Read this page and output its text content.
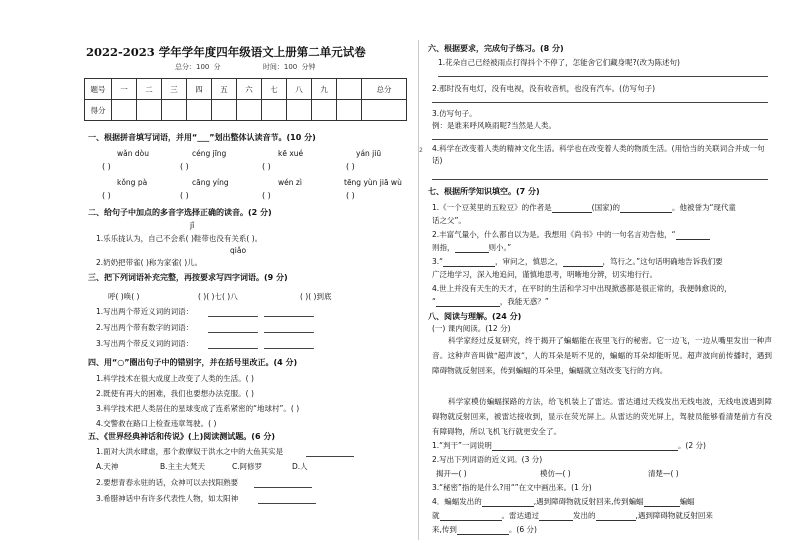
2
2022-2023 学年学年度四年级语文上册第二单元试卷
总分：100 分	时间：100 分钟
题号	一	二	三	四	五	六	七	八	九		总分
得分											
一、根据拼音填写词语，并用“___”划出整体认读音节。(10 分)
wǎn dòu	céng jīng	kē xué	yán jiū
( )	( )	( )	( )
kǒng pà	cāng yíng	wén zì	tēng yùn jiā wù
( )	( )	( )	( )
二、给句子中加点的多音字选择正确的读音。(2 分)
jǐ
1.乐乐拢认为，自己不会系( )鞋带也没有关系( )。
qiǎo
2.奶奶把带雀( )称为家雀( )儿。
三、把下列词语补充完整，再按要求写四字词语。(9 分)
呼( )唤( )	( )( )七( )八	( )( )到底
1.写出两个带近义词的词语：
2.写出两个带有数字的词语：
3.写出两个带反义词的词语：
四、用“○”圈出句子中的错别字，并在括号里改正。(4 分)
1.科学技术在很大成度上改变了人类的生活。( )
2.既使有再大的困难，我们也要想办法克服。( )
3.科学技术把人类居住的星球变成了连系紧密的“地球村”。( )
4.交警救在路口上检查违章驾驶。( )
五、《世界经典神话和传说》(上)阅读测试题。(6 分)
1.面对大洪水肆虐，那个救摩奴于洪水之中的大鱼其实是
A.天神	B.主主大梵天	C.阿修罗	D.人
2.要想青春永驻的话，众神可以去找阳熟要
3.希腊神话中有许多代表性人物，如太阳神
六、根据要求，完成句子练习。(8 分)
1.花朵自己已经被雨点打得抖个不停了，怎能舍它们藏身呢?(改为陈述句)
2.那时没有电灯，没有电视，没有收音机，也没有汽车。(仿写句子)
3.仿写句子。
例：是谁来呼风唤雨呢?当然是人类。
4.科学在改变着人类的精神文化生活。科学也在改变着人类的物质生活。(用恰当的关联词合并成一句话)
七、根据所学知识填空。(7 分)
1.《一个豆荚里的五粒豆》的作者是	(国家)的	。他被誉为“现代童
话之父”。
2.丰富气量小，什么都自以为是。我想用《尚书》中的一句名言劝告他，“
则指，	则小。”
3.“	，审问之，慎思之，	，笃行之。”这句话明确地告诉我们要
广泛地学习，深入地追问，谨慎地思考，明晰地分辨，切实地行行。
4.世上并没有天生的天才，在平时的生活和学习中出现掀惑都是很正常的，我便韩愈说的，
“	，我能无惑？”
八、阅读与理解。(24 分)
(一) 课内阅读。(12 分)
科学家经过反复研究，终于揭开了蝙蝠能在夜里飞行的秘密。它一边飞，一边从嘴里发出一种声音。这种声音叫做“超声波”，人的耳朵是听不见的，蝙蝠的耳朵却能听见。超声波向前传播时，遇到障碍物就反射回来，传到蝙蝠的耳朵里，蝙蝠就立刻改变飞行的方向。
科学家模仿蝙蝠探路的方法，给飞机装上了雷达。雷达通过天线发出无线电波，无线电波遇到障碍物就反射回来，被雷达接收到，显示在荧光屏上。从雷达的荧光屏上，驾驶员能够看清楚前方有没有障碍物，所以飞机飞行就更安全了。
1.“判干”一词说明	。(2 分)
2.写出下列词语的近义词。(3 分)
揭开—( )	模仿—( )	清楚—( )
3.“秘密”指的是什么?用“”在文中画出来。(1 分)
4．蝙蝠发出的	,遇到障碍物就反射回来,传到蝙蝠	蝙蝠
就	。雷达通过	发出的	,遇到障碍物就反射回来
来,传到	。(6 分)
